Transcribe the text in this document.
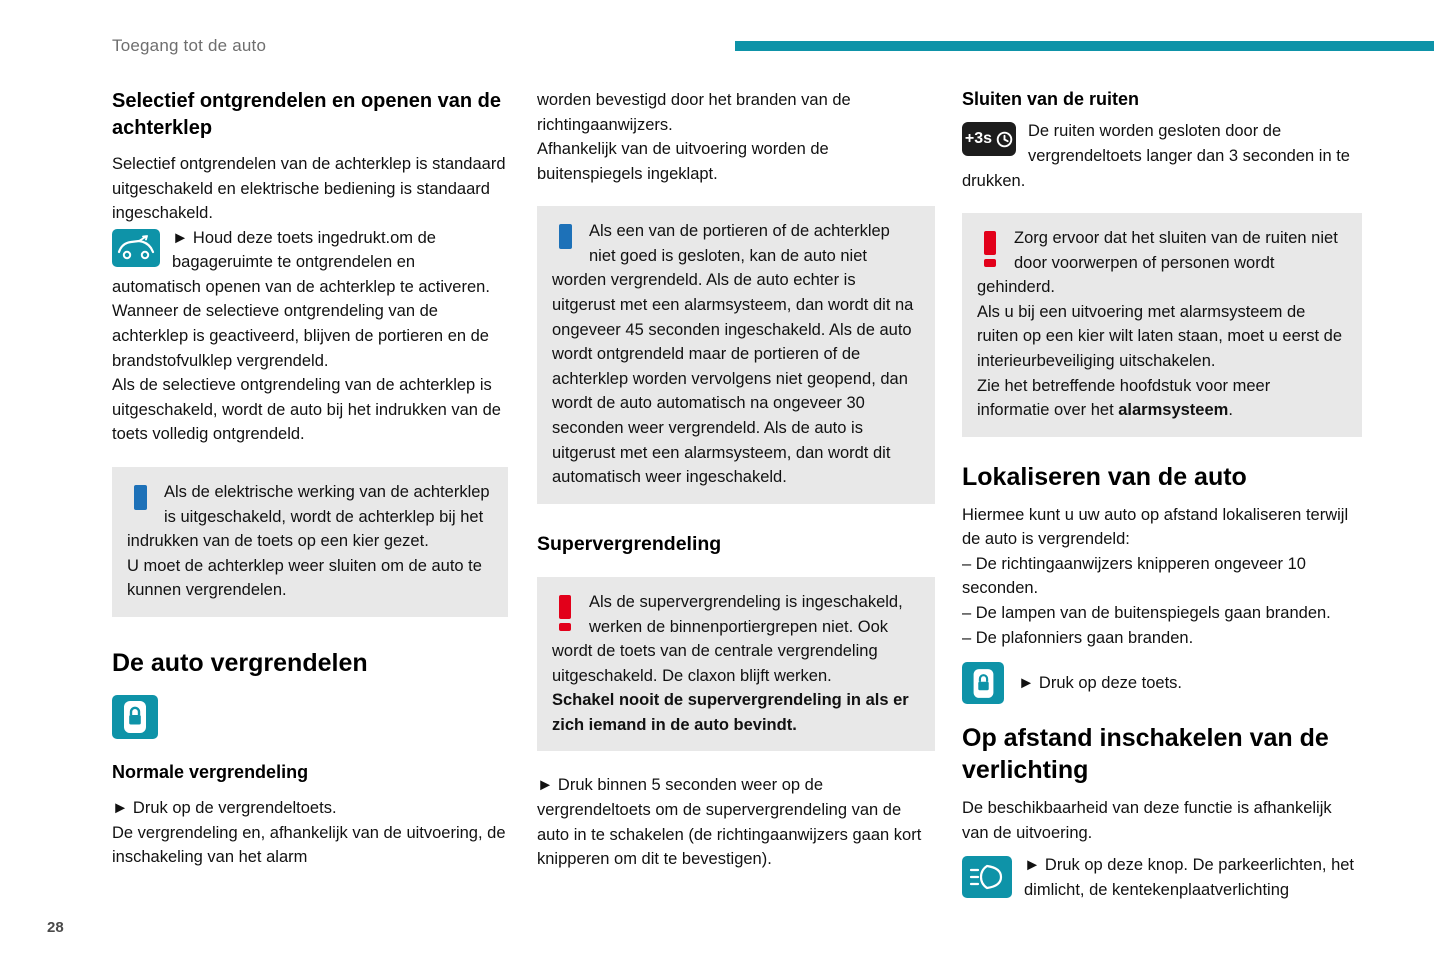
Toegang tot de auto
Selectief ontgrendelen en openen van de achterklep

Selectief ontgrendelen van de achterklep is standaard uitgeschakeld en elektrische bediening is standaard ingeschakeld.

► Houd deze toets ingedrukt.om de bagageruimte te ontgrendelen en automatisch openen van de achterklep te activeren.

Wanneer de selectieve ontgrendeling van de achterklep is geactiveerd, blijven de portieren en de brandstofvulklep vergrendeld.

Als de selectieve ontgrendeling van de achterklep is uitgeschakeld, wordt de auto bij het indrukken van de toets volledig ontgrendeld.

Als de elektrische werking van de achterklep is uitgeschakeld, wordt de achterklep bij het indrukken van de toets op een kier gezet.

U moet de achterklep weer sluiten om de auto te kunnen vergrendelen.

De auto vergrendelen
Normale vergrendeling

► Druk op de vergrendeltoets.

De vergrendeling en, afhankelijk van de uitvoering, de inschakeling van het alarm

worden bevestigd door het branden van de richtingaanwijzers.

Afhankelijk van de uitvoering worden de buitenspiegels ingeklapt.

Als een van de portieren of de achterklep niet goed is gesloten, kan de auto niet worden vergrendeld. Als de auto echter is uitgerust met een alarmsysteem, dan wordt dit na ongeveer 45 seconden ingeschakeld. Als de auto wordt ontgrendeld maar de portieren of de achterklep worden vervolgens niet geopend, dan wordt de auto automatisch na ongeveer 30 seconden weer vergrendeld. Als de auto is uitgerust met een alarmsysteem, dan wordt dit automatisch weer ingeschakeld.

Supervergrendeling

Als de supervergrendeling is ingeschakeld, werken de binnenportiergrepen niet. Ook wordt de toets van de centrale vergrendeling uitgeschakeld. De claxon blijft werken.

Schakel nooit de supervergrendeling in als er zich iemand in de auto bevindt.

► Druk binnen 5 seconden weer op de vergrendeltoets om de supervergrendeling van de auto in te schakelen (de richtingaanwijzers gaan kort knipperen om dit te bevestigen).

Sluiten van de ruiten
+3s De ruiten worden gesloten door de vergrendeltoets langer dan 3 seconden in te drukken.

Zorg ervoor dat het sluiten van de ruiten niet door voorwerpen of personen wordt gehinderd.

Als u bij een uitvoering met alarmsysteem de ruiten op een kier wilt laten staan, moet u eerst de interieurbeveiliging uitschakelen.

Zie het betreffende hoofdstuk voor meer informatie over het alarmsysteem.

Lokaliseren van de auto

Hiermee kunt u uw auto op afstand lokaliseren terwijl de auto is vergrendeld:

– De richtingaanwijzers knipperen ongeveer 10 seconden.

– De lampen van de buitenspiegels gaan branden.

– De plafonniers gaan branden.

► Druk op deze toets.
Op afstand inschakelen van de verlichting

De beschikbaarheid van deze functie is afhankelijk van de uitvoering.

► Druk op deze knop. De parkeerlichten, het dimlicht, de kentekenplaatverlichting
28
